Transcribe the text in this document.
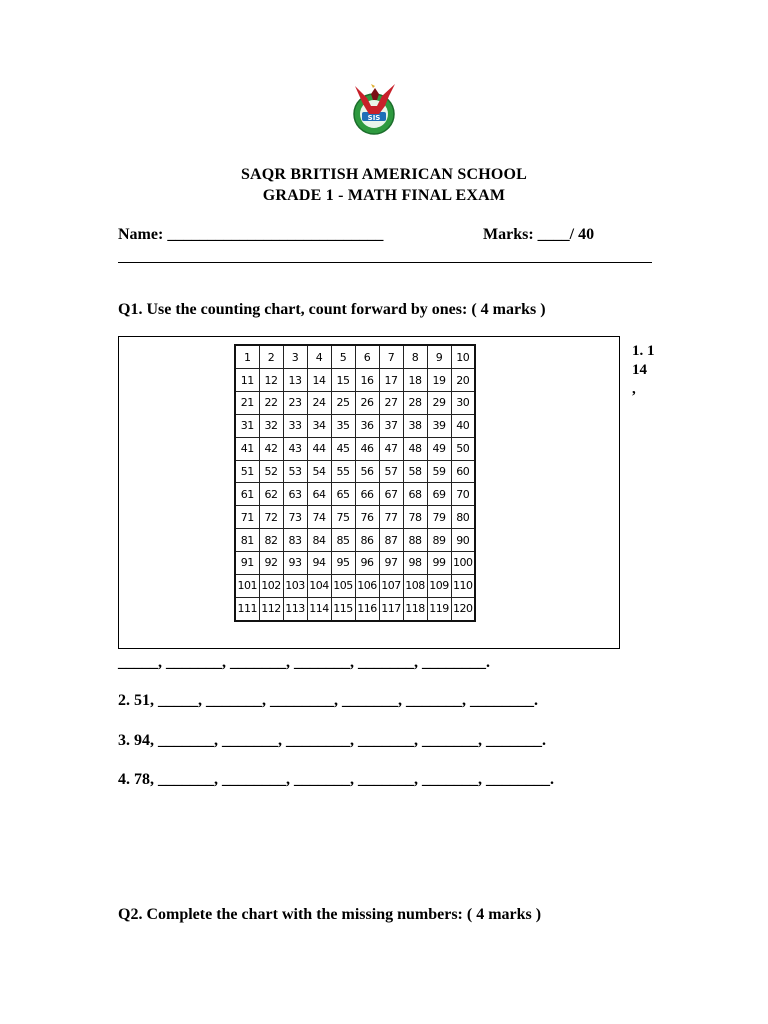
SIS
SAQR BRITISH AMERICAN SCHOOL
GRADE 1 - MATH FINAL EXAM
Name: ___________________________	Marks: ____/ 40
Q1. Use the counting chart, count forward by ones: ( 4 marks )
1	2	3	4	5	6	7	8	9	10
11	12	13	14	15	16	17	18	19	20
21	22	23	24	25	26	27	28	29	30
31	32	33	34	35	36	37	38	39	40
41	42	43	44	45	46	47	48	49	50
51	52	53	54	55	56	57	58	59	60
61	62	63	64	65	66	67	68	69	70
71	72	73	74	75	76	77	78	79	80
81	82	83	84	85	86	87	88	89	90
91	92	93	94	95	96	97	98	99	100
101	102	103	104	105	106	107	108	109	110
111	112	113	114	115	116	117	118	119	120
1. 1
14
,
_____, _______, _______, _______, _______, ________.
2. 51, _____, _______, ________, _______, _______, ________.
3. 94, _______, _______, ________, _______, _______, _______.
4. 78, _______, ________, _______, _______, _______, ________.
Q2. Complete the chart with the missing numbers: ( 4 marks )
